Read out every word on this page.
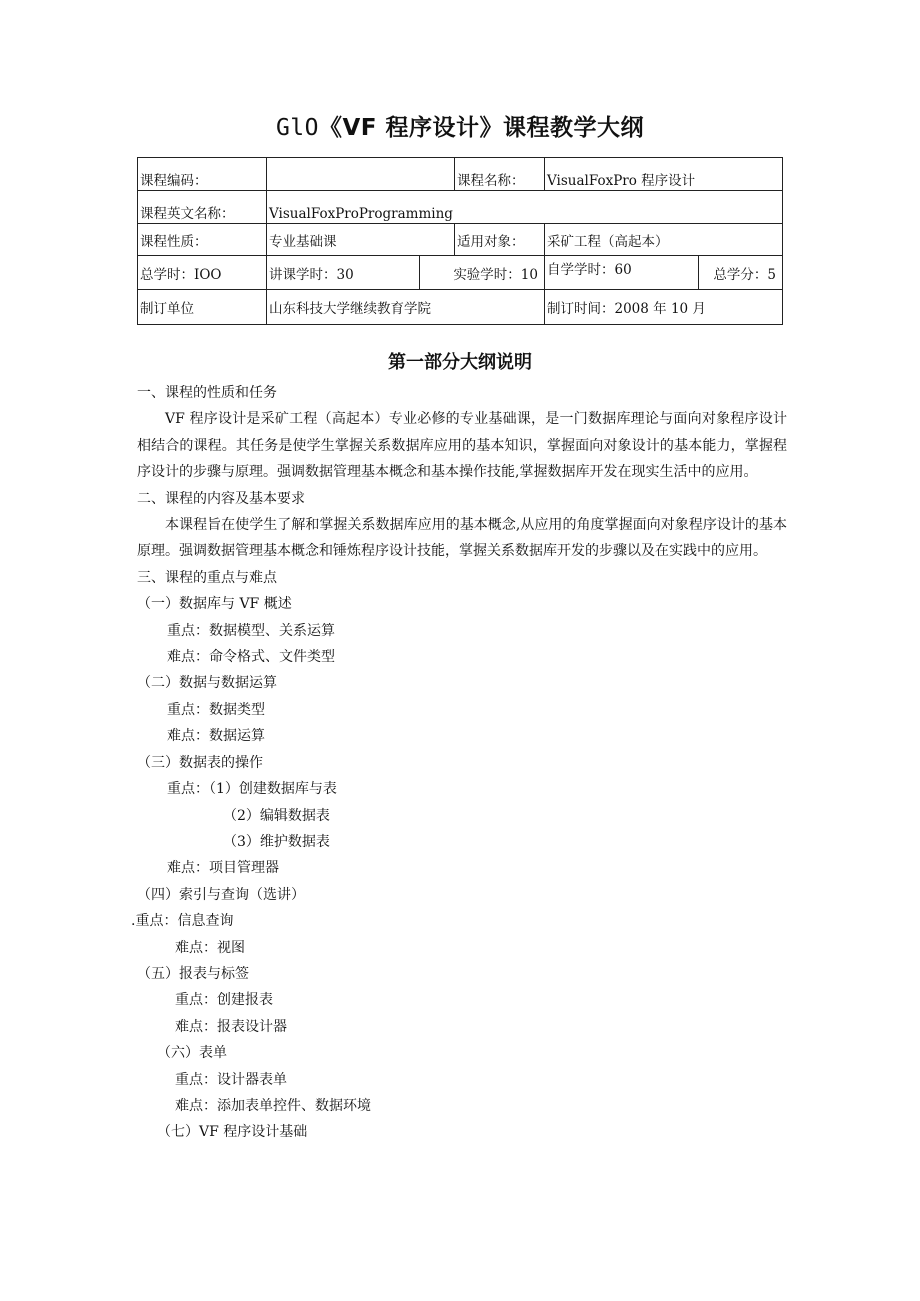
GlO《VF 程序设计》课程教学大纲
课程编码：			课程名称：	VisualFoxPro 程序设计	
课程英文名称：	VisualFoxProProgramming				
课程性质：	专业基础课		适用对象：	采矿工程（高起本）	
总学时：IOO	讲课学时：30	实验学时：10		自学学时：60	总学分：5
制订单位	山东科技大学继续教育学院			制订时间：2008 年 10 月	
第一部分大纲说明
一、课程的性质和任务
VF 程序设计是采矿工程（高起本）专业必修的专业基础课，是一门数据库理论与面向对象程序设计相结合的课程。其任务是使学生掌握关系数据库应用的基本知识，掌握面向对象设计的基本能力，掌握程序设计的步骤与原理。强调数据管理基本概念和基本操作技能,掌握数据库开发在现实生活中的应用。
二、课程的内容及基本要求
本课程旨在使学生了解和掌握关系数据库应用的基本概念,从应用的角度掌握面向对象程序设计的基本原理。强调数据管理基本概念和锤炼程序设计技能，掌握关系数据库开发的步骤以及在实践中的应用。
三、课程的重点与难点
（一）数据库与 VF 概述
重点：数据模型、关系运算
难点：命令格式、文件类型
（二）数据与数据运算
重点：数据类型
难点：数据运算
（三）数据表的操作
重点：（1）创建数据库与表
（2）编辑数据表
（3）维护数据表
难点：项目管理器
（四）索引与查询（选讲）
.重点：信息查询
难点：视图
（五）报表与标签
重点：创建报表
难点：报表设计器
（六）表单
重点：设计器表单
难点：添加表单控件、数据环境
（七）VF 程序设计基础
